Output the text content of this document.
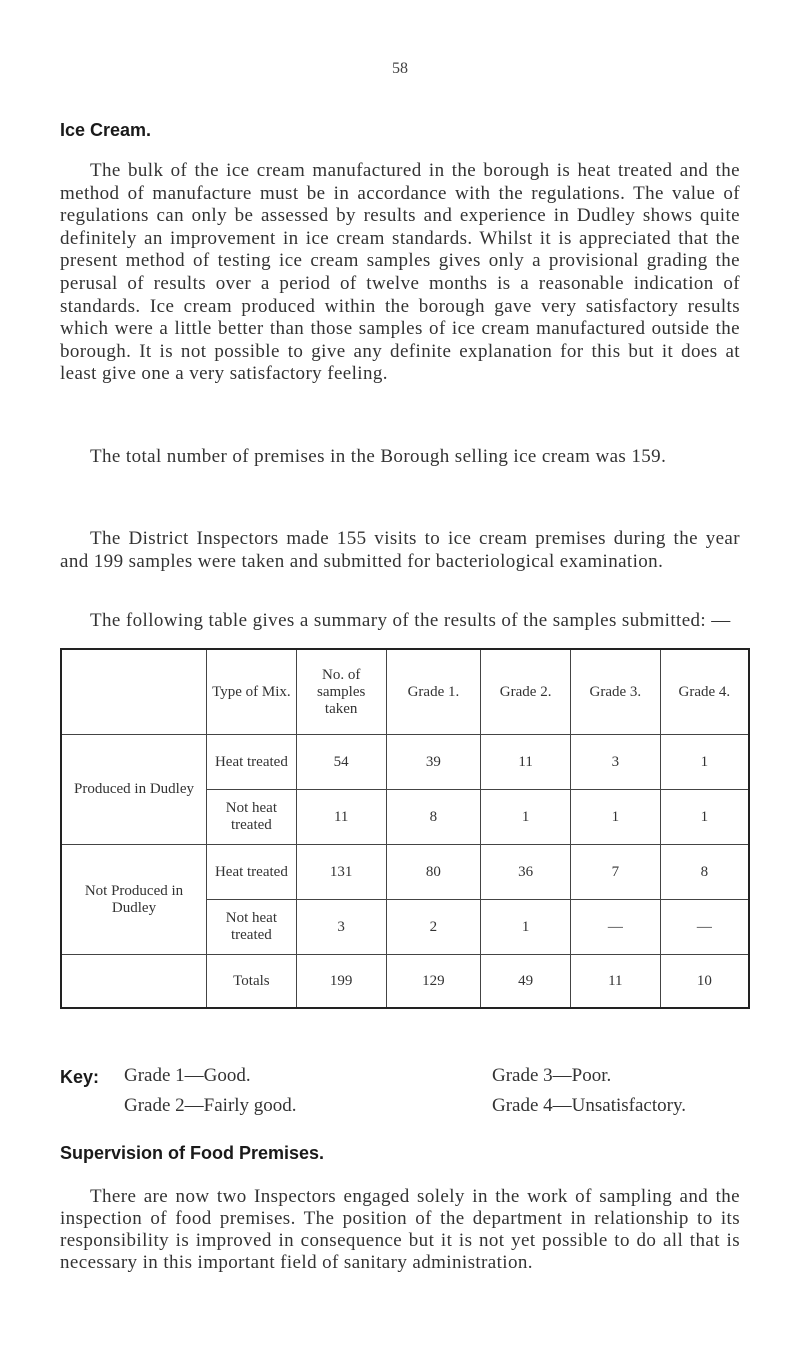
58
Ice Cream.

The bulk of the ice cream manufactured in the borough is heat treated and the method of manufacture must be in accordance with the regulations. The value of regulations can only be assessed by results and experience in Dudley shows quite definitely an improvement in ice cream standards. Whilst it is appreciated that the present method of testing ice cream samples gives only a provisional grading the perusal of results over a period of twelve months is a reasonable indication of standards. Ice cream produced within the borough gave very satisfactory results which were a little better than those samples of ice cream manufactured outside the borough. It is not possible to give any definite explanation for this but it does at least give one a very satisfactory feeling.

The total number of premises in the Borough selling ice cream was 159.

The District Inspectors made 155 visits to ice cream premises during the year and 199 samples were taken and submitted for bacteriological examination.

The following table gives a summary of the results of the samples submitted: —

	Type of Mix.	No. of samples taken	Grade 1.	Grade 2.	Grade 3.	Grade 4.
Produced in Dudley	Heat treated	54	39	11	3	1
	Not heat treated	11	8	1	1	1
Not Produced in Dudley	Heat treated	131	80	36	7	8
	Not heat treated	3	2	1	—	—
	Totals	199	129	49	11	10
Key: Grade 1—Good.
Grade 2—Fairly good.
Grade 3—Poor.
Grade 4—Unsatisfactory.
Supervision of Food Premises.

There are now two Inspectors engaged solely in the work of sampling and the inspection of food premises. The position of the department in relationship to its responsibility is improved in consequence but it is not yet possible to do all that is necessary in this important field of sanitary administration.
